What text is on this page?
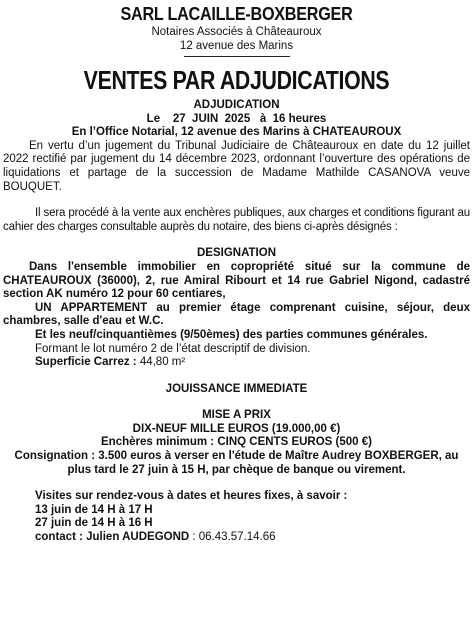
SARL LACAILLE-BOXBERGER
Notaires Associés à Châteauroux
12 avenue des Marins
VENTES PAR ADJUDICATIONS

ADJUDICATION

Le    27  JUIN  2025   à  16 heures

En l’Office Notarial, 12 avenue des Marins à CHATEAUROUX

En vertu d’un jugement du Tribunal Judiciaire de Châteauroux en date du 12 juillet 2022 rectifié par jugement du 14 décembre 2023, ordonnant l’ouverture des opérations de liquidations et partage de la succession de Madame Mathilde CASANOVA veuve BOUQUET.

Il sera procédé à la vente aux enchères publiques, aux charges et conditions figurant au cahier des charges consultable auprès du notaire, des biens ci-après désignés :

DESIGNATION

Dans l'ensemble immobilier en copropriété situé sur la commune de CHATEAUROUX (36000), 2, rue Amiral Ribourt et 14 rue Gabriel Nigond, cadastré section AK numéro 12 pour 60 centiares,

UN APPARTEMENT au premier étage comprenant cuisine, séjour, deux chambres, salle d'eau et W.C.

Et les neuf/cinquantièmes (9/50èmes) des parties communes générales.

Formant le lot numéro 2 de l’état descriptif de division.

Superficie Carrez : 44,80 m²

JOUISSANCE IMMEDIATE

MISE A PRIX

DIX-NEUF MILLE EUROS (19.000,00 €)

Enchères minimum : CINQ CENTS EUROS (500 €)

Consignation : 3.500 euros à verser en l'étude de Maître Audrey BOXBERGER, au plus tard le 27 juin à 15 H, par chèque de banque ou virement.

Visites sur rendez-vous à dates et heures fixes, à savoir :

13 juin de 14 H à 17 H

27 juin de 14 H à 16 H

contact : Julien AUDEGOND : 06.43.57.14.66
